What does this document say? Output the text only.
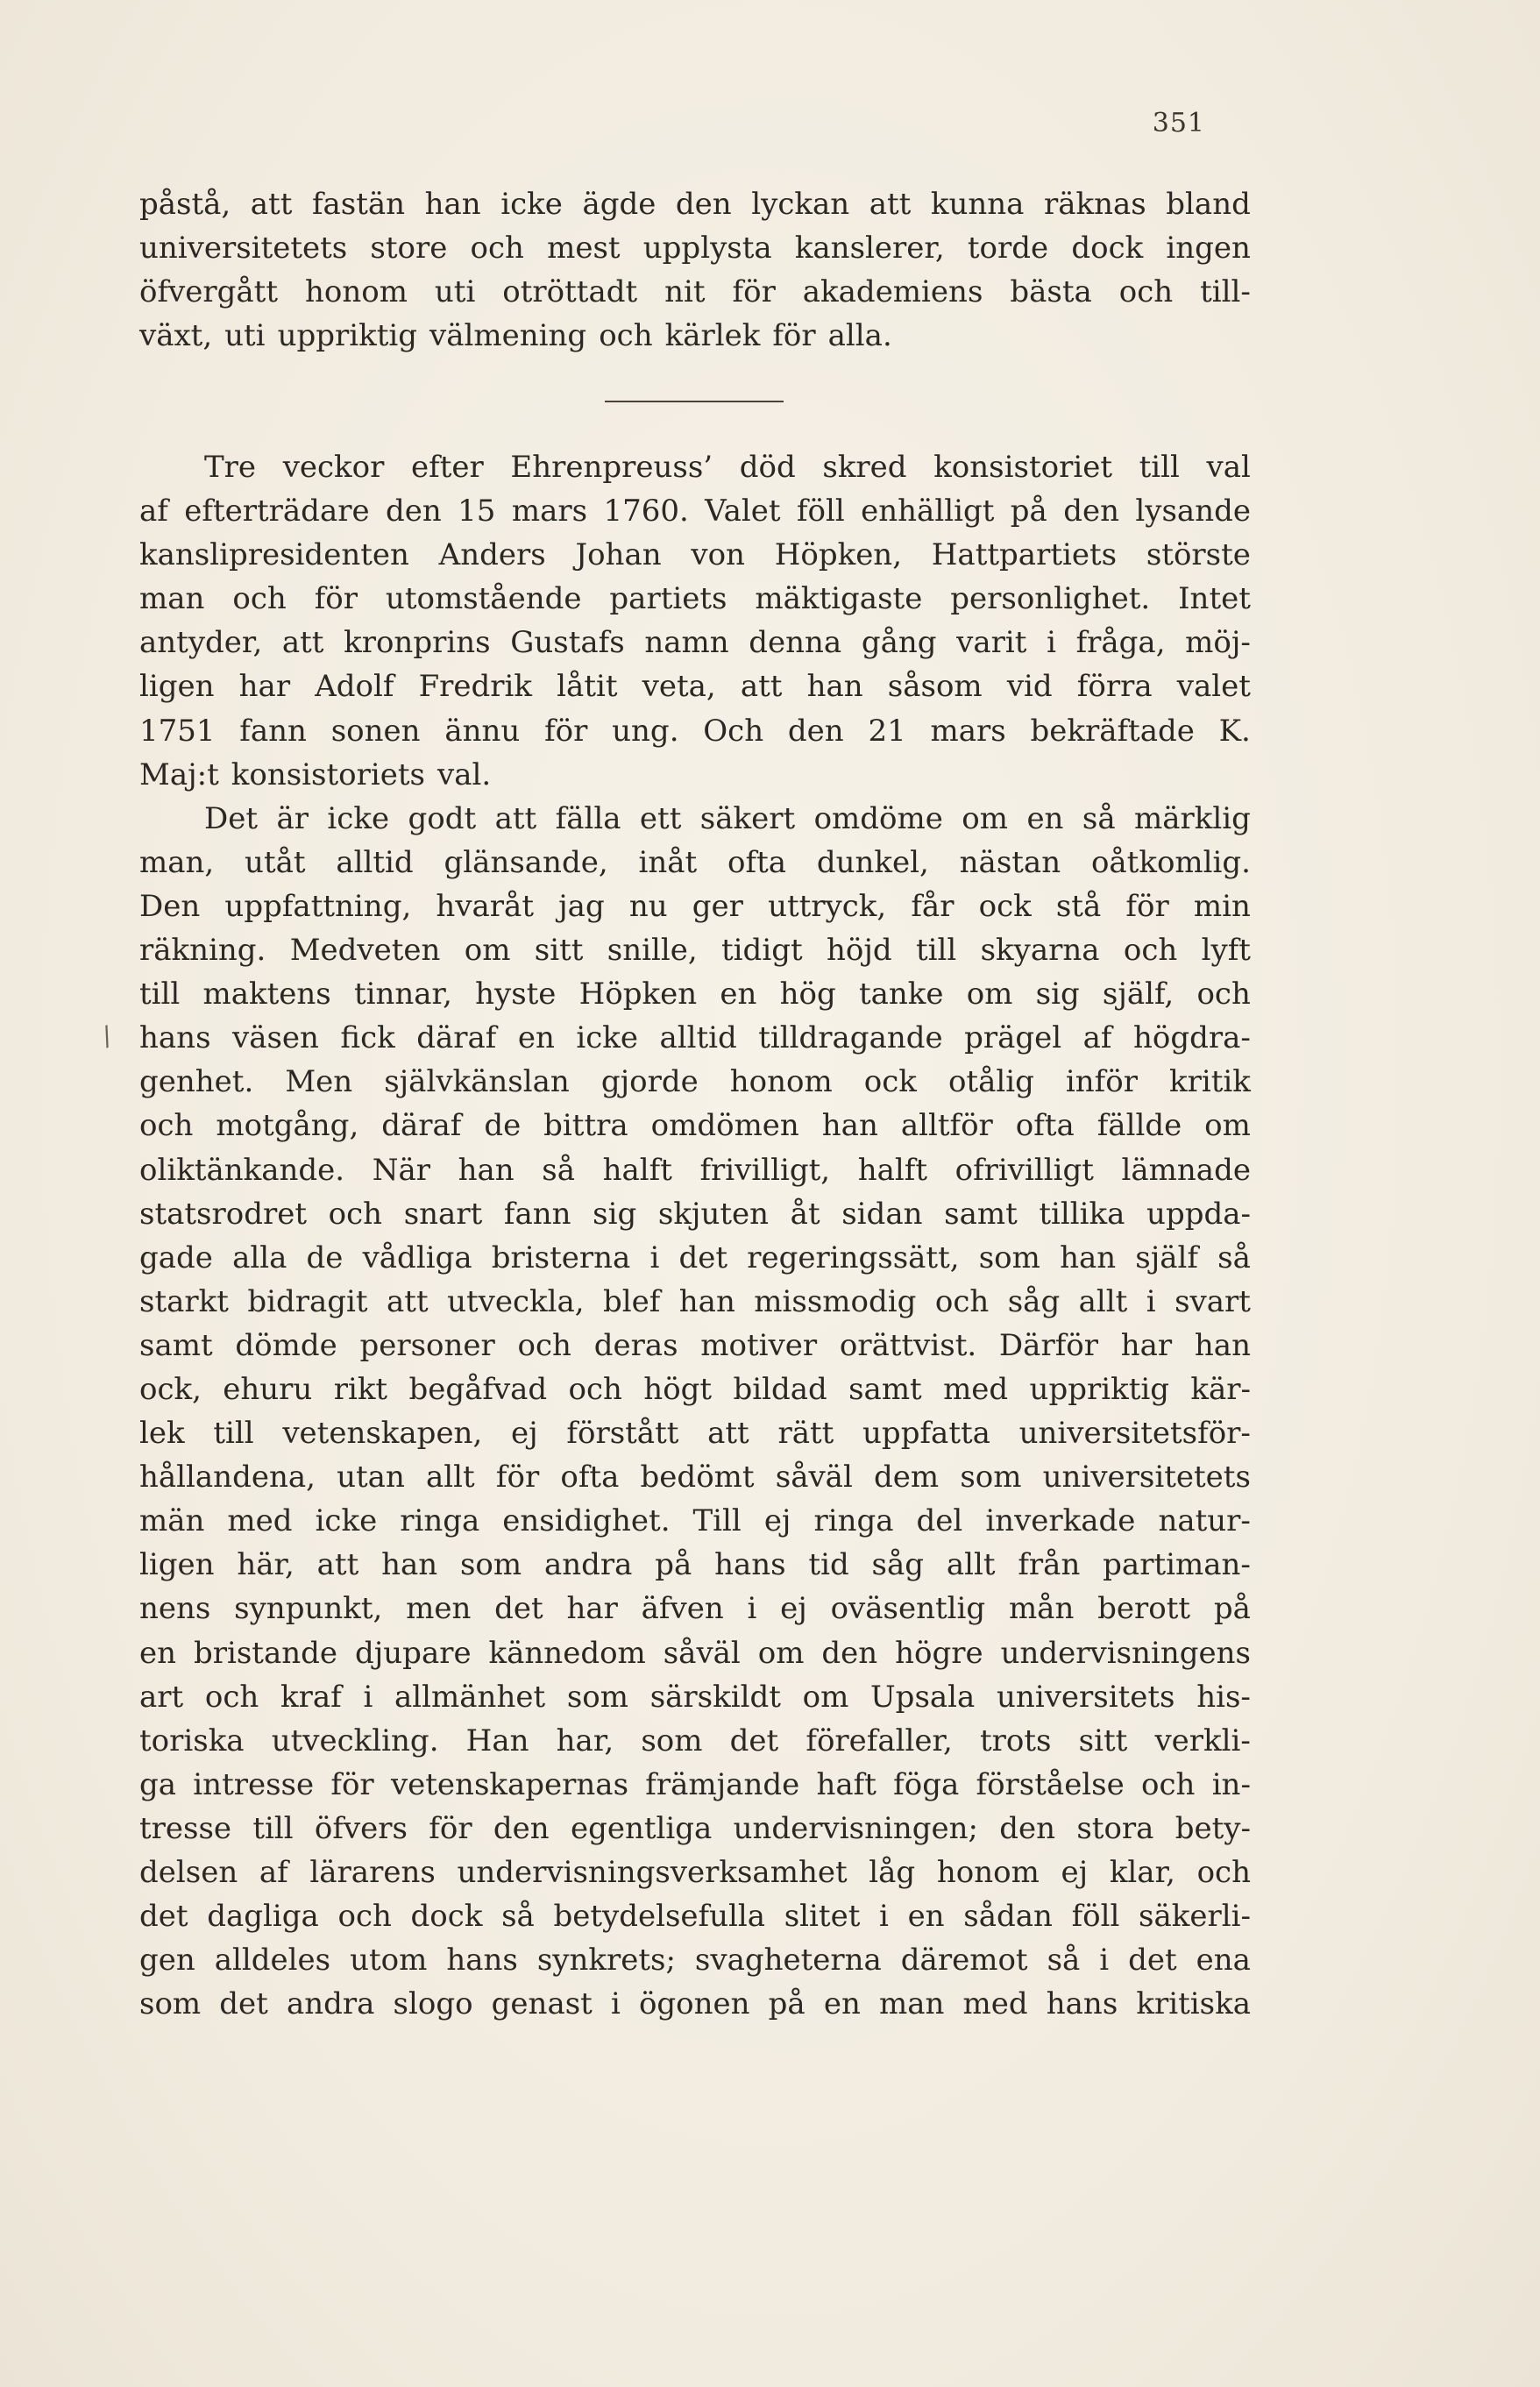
351
påstå, att fastän han icke ägde den lyckan att kunna räknas bland
universitetets store och mest upplysta kanslerer, torde dock ingen
öfvergått honom uti otröttadt nit för akademiens bästa och till-
växt, uti uppriktig välmening och kärlek för alla.
Tre veckor efter Ehrenpreuss’ död skred konsistoriet till val
af efterträdare den 15 mars 1760. Valet föll enhälligt på den lysande
kanslipresidenten Anders Johan von Höpken, Hattpartiets störste
man och för utomstående partiets mäktigaste personlighet. Intet
antyder, att kronprins Gustafs namn denna gång varit i fråga, möj-
ligen har Adolf Fredrik låtit veta, att han såsom vid förra valet
1751 fann sonen ännu för ung. Och den 21 mars bekräftade K.
Maj:t konsistoriets val.
Det är icke godt att fälla ett säkert omdöme om en så märklig
man, utåt alltid glänsande, inåt ofta dunkel, nästan oåtkomlig.
Den uppfattning, hvaråt jag nu ger uttryck, får ock stå för min
räkning. Medveten om sitt snille, tidigt höjd till skyarna och lyft
till maktens tinnar, hyste Höpken en hög tanke om sig själf, och
hans väsen fick däraf en icke alltid tilldragande prägel af högdra-
genhet. Men självkänslan gjorde honom ock otålig inför kritik
och motgång, däraf de bittra omdömen han alltför ofta fällde om
oliktänkande. När han så halft frivilligt, halft ofrivilligt lämnade
statsrodret och snart fann sig skjuten åt sidan samt tillika uppda-
gade alla de vådliga bristerna i det regeringssätt, som han själf så
starkt bidragit att utveckla, blef han missmodig och såg allt i svart
samt dömde personer och deras motiver orättvist. Därför har han
ock, ehuru rikt begåfvad och högt bildad samt med uppriktig kär-
lek till vetenskapen, ej förstått att rätt uppfatta universitetsför-
hållandena, utan allt för ofta bedömt såväl dem som universitetets
män med icke ringa ensidighet. Till ej ringa del inverkade natur-
ligen här, att han som andra på hans tid såg allt från partiman-
nens synpunkt, men det har äfven i ej oväsentlig mån berott på
en bristande djupare kännedom såväl om den högre undervisningens
art och kraf i allmänhet som särskildt om Upsala universitets his-
toriska utveckling. Han har, som det förefaller, trots sitt verkli-
ga intresse för vetenskapernas främjande haft föga förståelse och in-
tresse till öfvers för den egentliga undervisningen; den stora bety-
delsen af lärarens undervisningsverksamhet låg honom ej klar, och
det dagliga och dock så betydelsefulla slitet i en sådan föll säkerli-
gen alldeles utom hans synkrets; svagheterna däremot så i det ena
som det andra slogo genast i ögonen på en man med hans kritiska
/
